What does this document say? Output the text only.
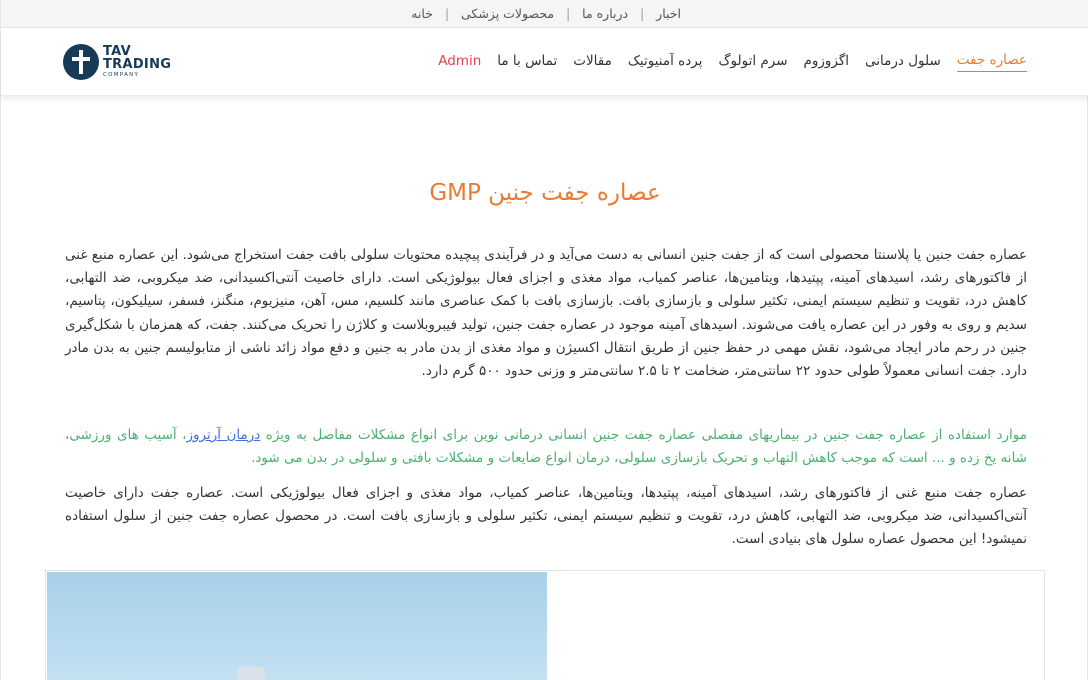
خانه	| محصولات پزشکی	| درباره ما	| اخبار
TAV
TRADING
COMPANY
عصاره جفت
سلول درمانی
اگزوزوم
سرم اتولوگ
پرده آمنیوتیک
مقالات
تماس با ما
Admin
عصاره جفت جنین GMP

عصاره جفت جنین یا پلاسنتا محصولی است که از جفت جنین انسانی به دست می‌آید و در فرآیندی پیچیده محتویات سلولی بافت جفت استخراج می‌شود. این عصاره منبع غنی از فاکتورهای رشد، اسیدهای آمینه، پپتیدها، ویتامین‌ها، عناصر کمیاب، مواد مغذی و اجزای فعال بیولوژیکی است. دارای خاصیت آنتی‌اکسیدانی، ضد میکروبی، ضد التهابی، کاهش درد، تقویت و تنظیم سیستم ایمنی، تکثیر سلولی و بازسازی بافت. بازسازی بافت با کمک عناصری مانند کلسیم، مس، آهن، منیزیوم، منگنز، فسفر، سیلیکون، پتاسیم، سدیم و روی به وفور در این عصاره یافت می‌شوند. اسیدهای آمینه موجود در عصاره جفت جنین، تولید فیبروبلاست و کلاژن را تحریک می‌کنند. جفت، که همزمان با شکل‌گیری جنین در رحم مادر ایجاد می‌شود، نقش مهمی در حفظ جنین از طریق انتقال اکسیژن و مواد مغذی از بدن مادر به جنین و دفع مواد زائد ناشی از متابولیسم جنین به بدن مادر دارد. جفت انسانی معمولاً طولی حدود ۲۲ سانتی‌متر، ضخامت ۲ تا ۲.۵ سانتی‌متر و وزنی حدود ۵۰۰ گرم دارد.

موارد استفاده از عصاره جفت جنین در بیماریهای مفصلی عصاره جفت جنین انسانی درمانی نوین برای انواع مشکلات مفاصل به ویژه درمان آرتروز، آسیب های ورزشی، شانه یخ زده و ... است که موجب کاهش التهاب و تحریک بازسازی سلولی، درمان انواع ضایعات و مشکلات بافتی و سلولی در بدن می شود.

عصاره جفت منبع غنی از فاکتورهای رشد، اسیدهای آمینه، پپتیدها، ویتامین‌ها، عناصر کمیاب، مواد مغذی و اجزای فعال بیولوژیکی است. عصاره جفت دارای خاصیت آنتی‌اکسیدانی، ضد میکروبی، ضد التهابی، کاهش درد، تقویت و تنظیم سیستم ایمنی، تکثیر سلولی و بازسازی بافت است. در محصول عصاره جفت جنین از سلول استفاده نمیشود! این محصول عصاره سلول های بنیادی است.
